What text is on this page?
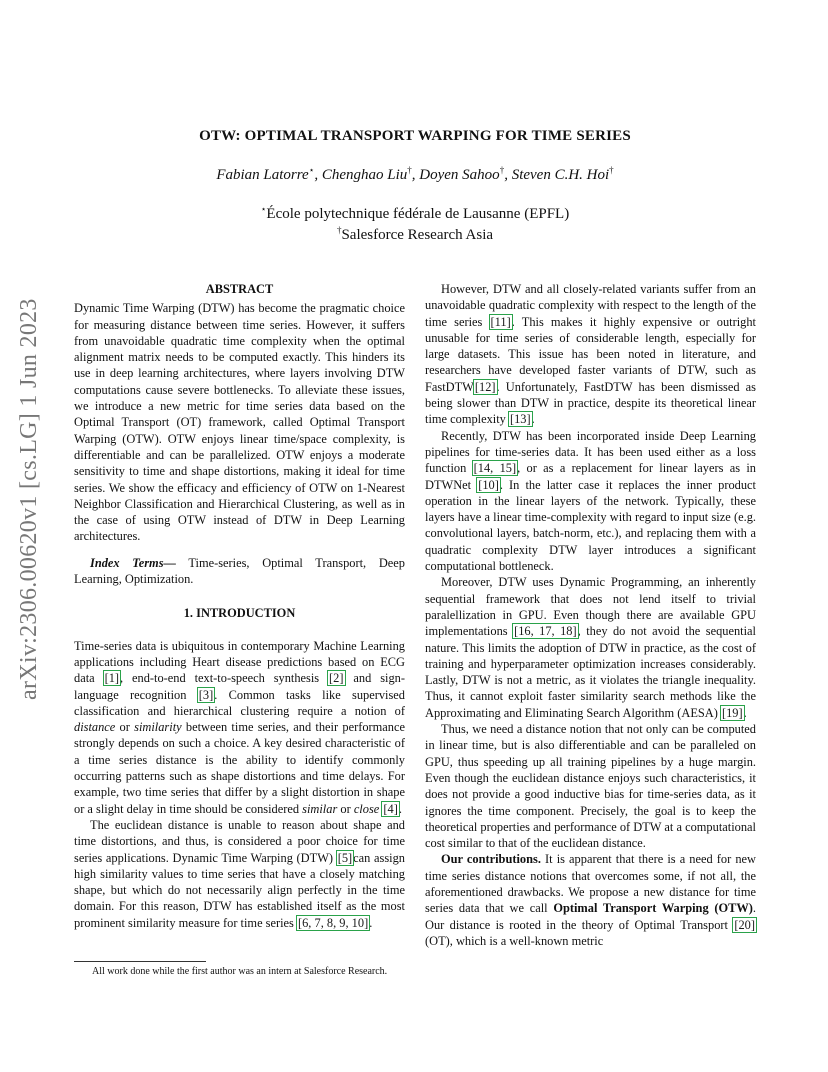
arXiv:2306.00620v1 [cs.LG] 1 Jun 2023
OTW: OPTIMAL TRANSPORT WARPING FOR TIME SERIES
Fabian Latorre⋆, Chenghao Liu†, Doyen Sahoo†, Steven C.H. Hoi†
⋆École polytechnique fédérale de Lausanne (EPFL)
†Salesforce Research Asia
ABSTRACT

Dynamic Time Warping (DTW) has become the pragmatic choice for measuring distance between time series. However, it suffers from unavoidable quadratic time complexity when the optimal alignment matrix needs to be computed exactly. This hinders its use in deep learning architectures, where layers involving DTW computations cause severe bottlenecks. To alleviate these issues, we introduce a new metric for time series data based on the Optimal Transport (OT) framework, called Optimal Transport Warping (OTW). OTW enjoys linear time/space complexity, is differentiable and can be parallelized. OTW enjoys a moderate sensitivity to time and shape distortions, making it ideal for time series. We show the efficacy and efficiency of OTW on 1-Nearest Neighbor Classification and Hierarchical Clustering, as well as in the case of using OTW instead of DTW in Deep Learning architectures.

Index Terms— Time-series, Optimal Transport, Deep Learning, Optimization.

1. INTRODUCTION

Time-series data is ubiquitous in contemporary Machine Learning applications including Heart disease predictions based on ECG data [1], end-to-end text-to-speech synthesis [2] and sign-language recognition [3]. Common tasks like supervised classification and hierarchical clustering require a notion of distance or similarity between time series, and their performance strongly depends on such a choice. A key desired characteristic of a time series distance is the ability to identify commonly occurring patterns such as shape distortions and time delays. For example, two time series that differ by a slight distortion in shape or a slight delay in time should be considered similar or close [4].

The euclidean distance is unable to reason about shape and time distortions, and thus, is considered a poor choice for time series applications. Dynamic Time Warping (DTW) [5]can assign high similarity values to time series that have a closely matching shape, but which do not necessarily align perfectly in the time domain. For this reason, DTW has established itself as the most prominent similarity measure for time series [6, 7, 8, 9, 10].

However, DTW and all closely-related variants suffer from an unavoidable quadratic complexity with respect to the length of the time series [11]. This makes it highly expensive or outright unusable for time series of considerable length, especially for large datasets. This issue has been noted in literature, and researchers have developed faster variants of DTW, such as FastDTW[12]. Unfortunately, FastDTW has been dismissed as being slower than DTW in practice, despite its theoretical linear time complexity [13].

Recently, DTW has been incorporated inside Deep Learning pipelines for time-series data. It has been used either as a loss function [14, 15], or as a replacement for linear layers as in DTWNet [10]. In the latter case it replaces the inner product operation in the linear layers of the network. Typically, these layers have a linear time-complexity with regard to input size (e.g. convolutional layers, batch-norm, etc.), and replacing them with a quadratic complexity DTW layer introduces a significant computational bottleneck.

Moreover, DTW uses Dynamic Programming, an inherently sequential framework that does not lend itself to trivial paralellization in GPU. Even though there are available GPU implementations [16, 17, 18], they do not avoid the sequential nature. This limits the adoption of DTW in practice, as the cost of training and hyperparameter optimization increases considerably. Lastly, DTW is not a metric, as it violates the triangle inequality. Thus, it cannot exploit faster similarity search methods like the Approximating and Eliminating Search Algorithm (AESA) [19].

Thus, we need a distance notion that not only can be computed in linear time, but is also differentiable and can be paralleled on GPU, thus speeding up all training pipelines by a huge margin. Even though the euclidean distance enjoys such characteristics, it does not provide a good inductive bias for time-series data, as it ignores the time component. Precisely, the goal is to keep the theoretical properties and performance of DTW at a computational cost similar to that of the euclidean distance.

Our contributions. It is apparent that there is a need for new time series distance notions that overcomes some, if not all, the aforementioned drawbacks. We propose a new distance for time series data that we call Optimal Transport Warping (OTW). Our distance is rooted in the theory of Optimal Transport [20] (OT), which is a well-known metric

All work done while the first author was an intern at Salesforce Research.
